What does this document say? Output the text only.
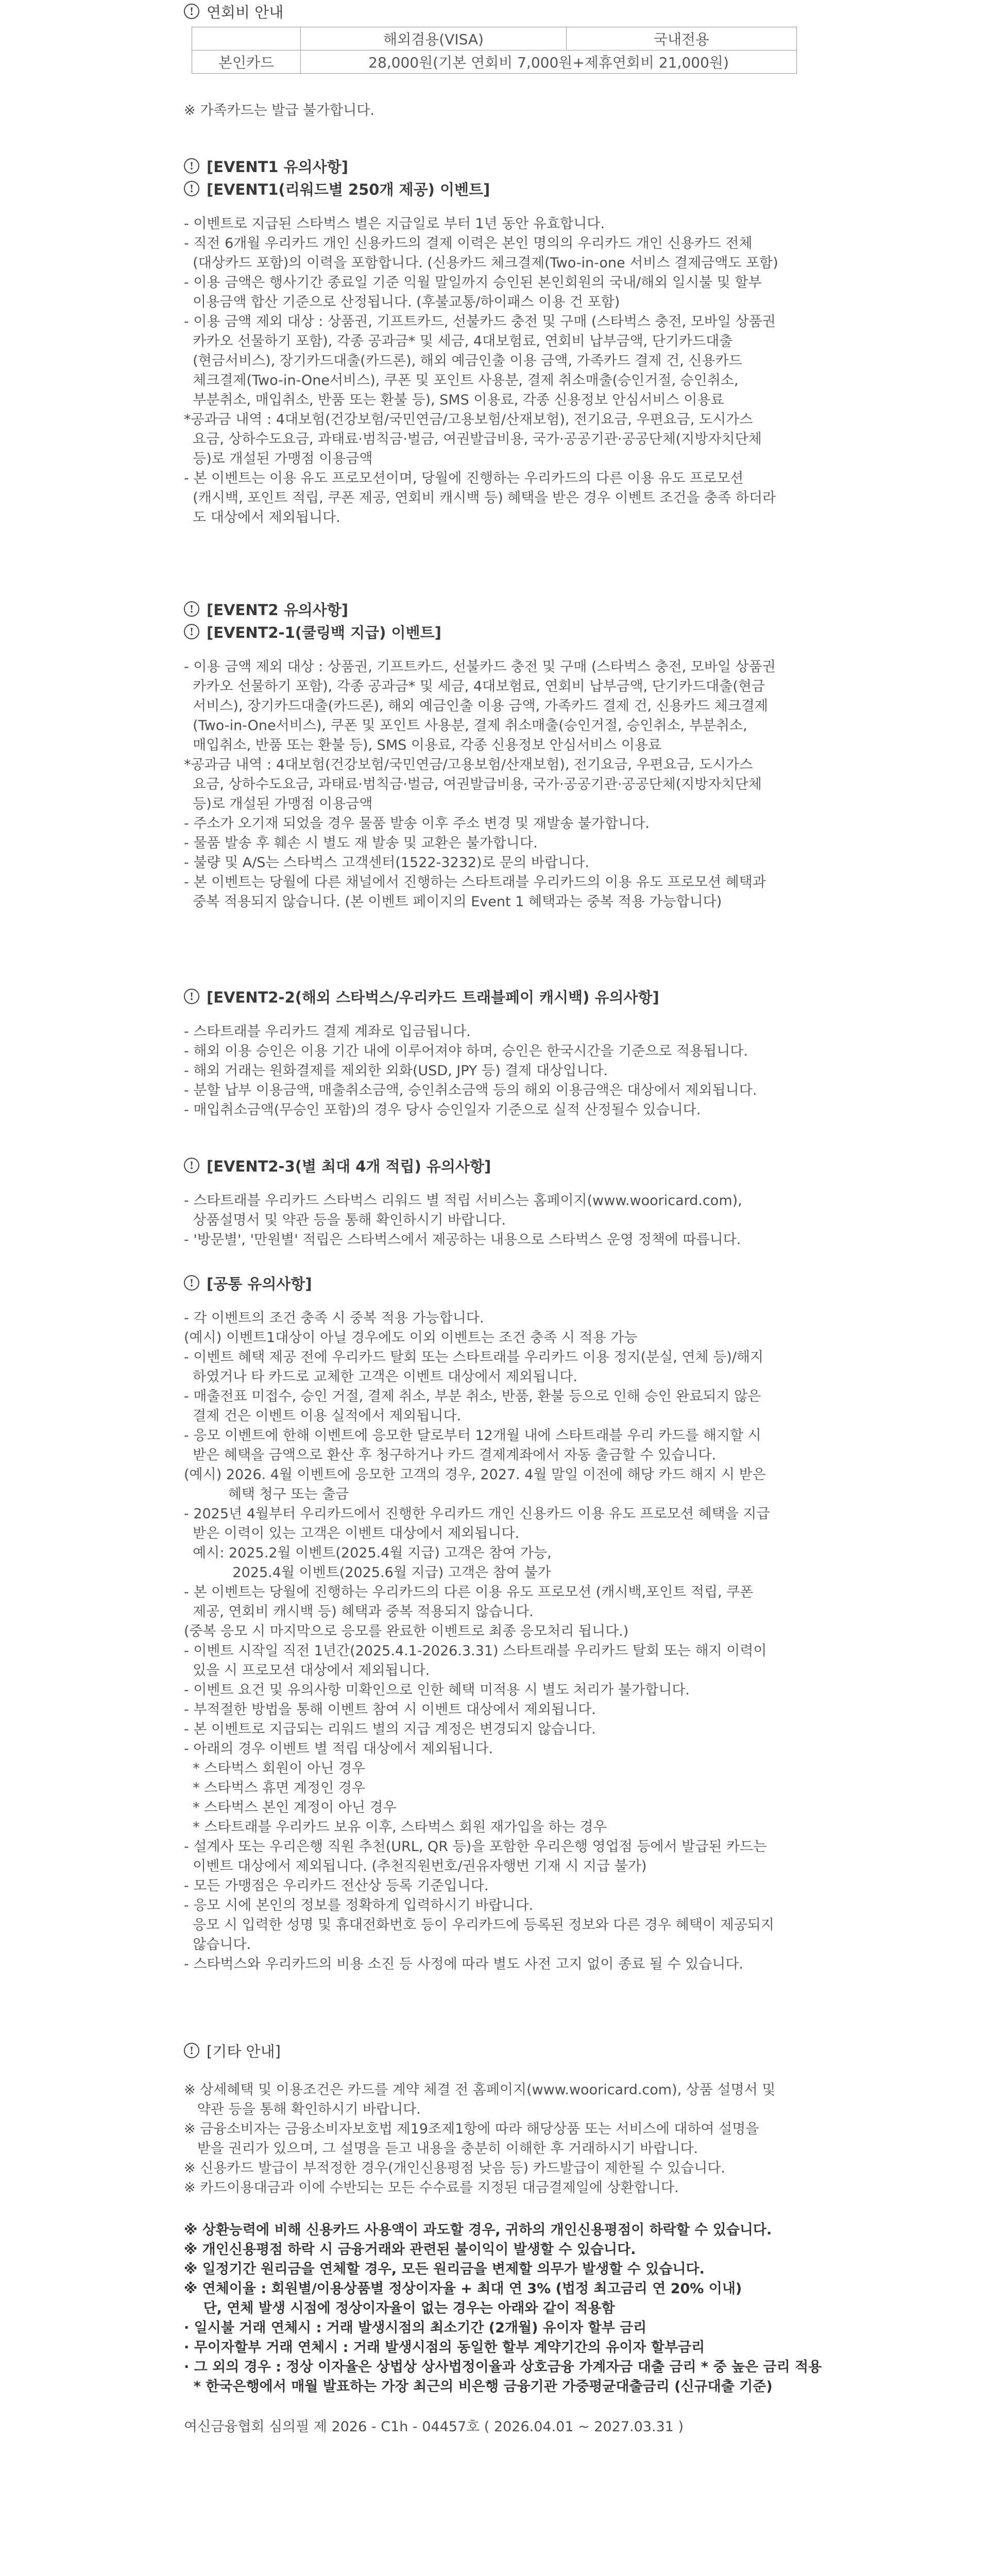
! 연회비 안내
	해외겸용(VISA)	국내전용
본인카드	28,000원(기본 연회비 7,000원+제휴연회비 21,000원)	
※ 가족카드는 발급 불가합니다.
! [EVENT1 유의사항]
! [EVENT1(리워드별 250개 제공) 이벤트]
- 이벤트로 지급된 스타벅스 별은 지급일로 부터 1년 동안 유효합니다.
- 직전 6개월 우리카드 개인 신용카드의 결제 이력은 본인 명의의 우리카드 개인 신용카드 전체
(대상카드 포함)의 이력을 포함합니다. (신용카드 체크결제(Two-in-one 서비스 결제금액도 포함)
- 이용 금액은 행사기간 종료일 기준 익월 말일까지 승인된 본인회원의 국내/해외 일시불 및 할부
이용금액 합산 기준으로 산정됩니다. (후불교통/하이패스 이용 건 포함)
- 이용 금액 제외 대상 : 상품권, 기프트카드, 선불카드 충전 및 구매 (스타벅스 충전, 모바일 상품권
카카오 선물하기 포함), 각종 공과금* 및 세금, 4대보험료, 연회비 납부금액, 단기카드대출
(현금서비스), 장기카드대출(카드론), 해외 예금인출 이용 금액, 가족카드 결제 건, 신용카드
체크결제(Two-in-One서비스), 쿠폰 및 포인트 사용분, 결제 취소매출(승인거절, 승인취소,
부분취소, 매입취소, 반품 또는 환불 등), SMS 이용료, 각종 신용정보 안심서비스 이용료
*공과금 내역 : 4대보험(건강보험/국민연금/고용보험/산재보험), 전기요금, 우편요금, 도시가스
요금, 상하수도요금, 과태료·범칙금·벌금, 여권발급비용, 국가·공공기관·공공단체(지방자치단체
등)로 개설된 가맹점 이용금액
- 본 이벤트는 이용 유도 프로모션이며, 당월에 진행하는 우리카드의 다른 이용 유도 프로모션
(캐시백, 포인트 적립, 쿠폰 제공, 연회비 캐시백 등) 혜택을 받은 경우 이벤트 조건을 충족 하더라
도 대상에서 제외됩니다.
! [EVENT2 유의사항]
! [EVENT2-1(쿨링백 지급) 이벤트]
- 이용 금액 제외 대상 : 상품권, 기프트카드, 선불카드 충전 및 구매 (스타벅스 충전, 모바일 상품권
카카오 선물하기 포함), 각종 공과금* 및 세금, 4대보험료, 연회비 납부금액, 단기카드대출(현금
서비스), 장기카드대출(카드론), 해외 예금인출 이용 금액, 가족카드 결제 건, 신용카드 체크결제
(Two-in-One서비스), 쿠폰 및 포인트 사용분, 결제 취소매출(승인거절, 승인취소, 부분취소,
매입취소, 반품 또는 환불 등), SMS 이용료, 각종 신용정보 안심서비스 이용료
*공과금 내역 : 4대보험(건강보험/국민연금/고용보험/산재보험), 전기요금, 우편요금, 도시가스
요금, 상하수도요금, 과태료·범칙금·벌금, 여권발급비용, 국가·공공기관·공공단체(지방자치단체
등)로 개설된 가맹점 이용금액
- 주소가 오기재 되었을 경우 물품 발송 이후 주소 변경 및 재발송 불가합니다.
- 물품 발송 후 훼손 시 별도 재 발송 및 교환은 불가합니다.
- 불량 및 A/S는 스타벅스 고객센터(1522-3232)로 문의 바랍니다.
- 본 이벤트는 당월에 다른 채널에서 진행하는 스타트래블 우리카드의 이용 유도 프로모션 혜택과
중복 적용되지 않습니다. (본 이벤트 페이지의 Event 1 혜택과는 중복 적용 가능합니다)
! [EVENT2-2(해외 스타벅스/우리카드 트래블페이 캐시백) 유의사항]
- 스타트래블 우리카드 결제 계좌로 입금됩니다.
- 해외 이용 승인은 이용 기간 내에 이루어져야 하며, 승인은 한국시간을 기준으로 적용됩니다.
- 해외 거래는 원화결제를 제외한 외화(USD, JPY 등) 결제 대상입니다.
- 분할 납부 이용금액, 매출취소금액, 승인취소금액 등의 해외 이용금액은 대상에서 제외됩니다.
- 매입취소금액(무승인 포함)의 경우 당사 승인일자 기준으로 실적 산정될수 있습니다.
! [EVENT2-3(별 최대 4개 적립) 유의사항]
- 스타트래블 우리카드 스타벅스 리워드 별 적립 서비스는 홈페이지(www.wooricard.com),
상품설명서 및 약관 등을 통해 확인하시기 바랍니다.
- '방문별', '만원별' 적립은 스타벅스에서 제공하는 내용으로 스타벅스 운영 정책에 따릅니다.
! [공통 유의사항]
- 각 이벤트의 조건 충족 시 중복 적용 가능합니다.
(예시) 이벤트1대상이 아닐 경우에도 이외 이벤트는 조건 충족 시 적용 가능
- 이벤트 혜택 제공 전에 우리카드 탈회 또는 스타트래블 우리카드 이용 정지(분실, 연체 등)/해지
하였거나 타 카드로 교체한 고객은 이벤트 대상에서 제외됩니다.
- 매출전표 미접수, 승인 거절, 결제 취소, 부분 취소, 반품, 환불 등으로 인해 승인 완료되지 않은
결제 건은 이벤트 이용 실적에서 제외됩니다.
- 응모 이벤트에 한해 이벤트에 응모한 달로부터 12개월 내에 스타트래블 우리 카드를 해지할 시
받은 혜택을 금액으로 환산 후 청구하거나 카드 결제계좌에서 자동 출금할 수 있습니다.
(예시) 2026. 4월 이벤트에 응모한 고객의 경우, 2027. 4월 말일 이전에 해당 카드 해지 시 받은
혜택 청구 또는 출금
- 2025년 4월부터 우리카드에서 진행한 우리카드 개인 신용카드 이용 유도 프로모션 혜택을 지급
받은 이력이 있는 고객은 이벤트 대상에서 제외됩니다.
예시: 2025.2월 이벤트(2025.4월 지급) 고객은 참여 가능,
2025.4월 이벤트(2025.6월 지급) 고객은 참여 불가
- 본 이벤트는 당월에 진행하는 우리카드의 다른 이용 유도 프로모션 (캐시백,포인트 적립, 쿠폰
제공, 연회비 캐시백 등) 혜택과 중복 적용되지 않습니다.
(중복 응모 시 마지막으로 응모를 완료한 이벤트로 최종 응모처리 됩니다.)
- 이벤트 시작일 직전 1년간(2025.4.1-2026.3.31) 스타트래블 우리카드 탈회 또는 해지 이력이
있을 시 프로모션 대상에서 제외됩니다.
- 이벤트 요건 및 유의사항 미확인으로 인한 혜택 미적용 시 별도 처리가 불가합니다.
- 부적절한 방법을 통해 이벤트 참여 시 이벤트 대상에서 제외됩니다.
- 본 이벤트로 지급되는 리워드 별의 지급 계정은 변경되지 않습니다.
- 아래의 경우 이벤트 별 적립 대상에서 제외됩니다.
* 스타벅스 회원이 아닌 경우
* 스타벅스 휴면 계정인 경우
* 스타벅스 본인 계정이 아닌 경우
* 스타트래블 우리카드 보유 이후, 스타벅스 회원 재가입을 하는 경우
- 설계사 또는 우리은행 직원 추천(URL, QR 등)을 포함한 우리은행 영업점 등에서 발급된 카드는
이벤트 대상에서 제외됩니다. (추천직원번호/권유자행번 기재 시 지급 불가)
- 모든 가맹점은 우리카드 전산상 등록 기준입니다.
- 응모 시에 본인의 정보를 정확하게 입력하시기 바랍니다.
응모 시 입력한 성명 및 휴대전화번호 등이 우리카드에 등록된 정보와 다른 경우 혜택이 제공되지
않습니다.
- 스타벅스와 우리카드의 비용 소진 등 사정에 따라 별도 사전 고지 없이 종료 될 수 있습니다.
! [기타 안내]
※ 상세혜택 및 이용조건은 카드를 계약 체결 전 홈페이지(www.wooricard.com), 상품 설명서 및
약관 등을 통해 확인하시기 바랍니다.
※ 금융소비자는 금융소비자보호법 제19조제1항에 따라 해당상품 또는 서비스에 대하여 설명을
받을 권리가 있으며, 그 설명을 듣고 내용을 충분히 이해한 후 거래하시기 바랍니다.
※ 신용카드 발급이 부적정한 경우(개인신용평점 낮음 등) 카드발급이 제한될 수 있습니다.
※ 카드이용대금과 이에 수반되는 모든 수수료를 지정된 대금결제일에 상환합니다.
※ 상환능력에 비해 신용카드 사용액이 과도할 경우, 귀하의 개인신용평점이 하락할 수 있습니다.
※ 개인신용평점 하락 시 금융거래와 관련된 불이익이 발생할 수 있습니다.
※ 일정기간 원리금을 연체할 경우, 모든 원리금을 변제할 의무가 발생할 수 있습니다.
※ 연체이율 : 회원별/이용상품별 정상이자율 + 최대 연 3% (법정 최고금리 연 20% 이내)
단, 연체 발생 시점에 정상이자율이 없는 경우는 아래와 같이 적용함
· 일시불 거래 연체시 : 거래 발생시점의 최소기간 (2개월) 유이자 할부 금리
· 무이자할부 거래 연체시 : 거래 발생시점의 동일한 할부 계약기간의 유이자 할부금리
· 그 외의 경우 : 정상 이자율은 상법상 상사법정이율과 상호금융 가계자금 대출 금리 * 중 높은 금리 적용
* 한국은행에서 매월 발표하는 가장 최근의 비은행 금융기관 가중평균대출금리 (신규대출 기준)
여신금융협회 심의필 제 2026 - C1h - 04457호 ( 2026.04.01 ~ 2027.03.31 )
